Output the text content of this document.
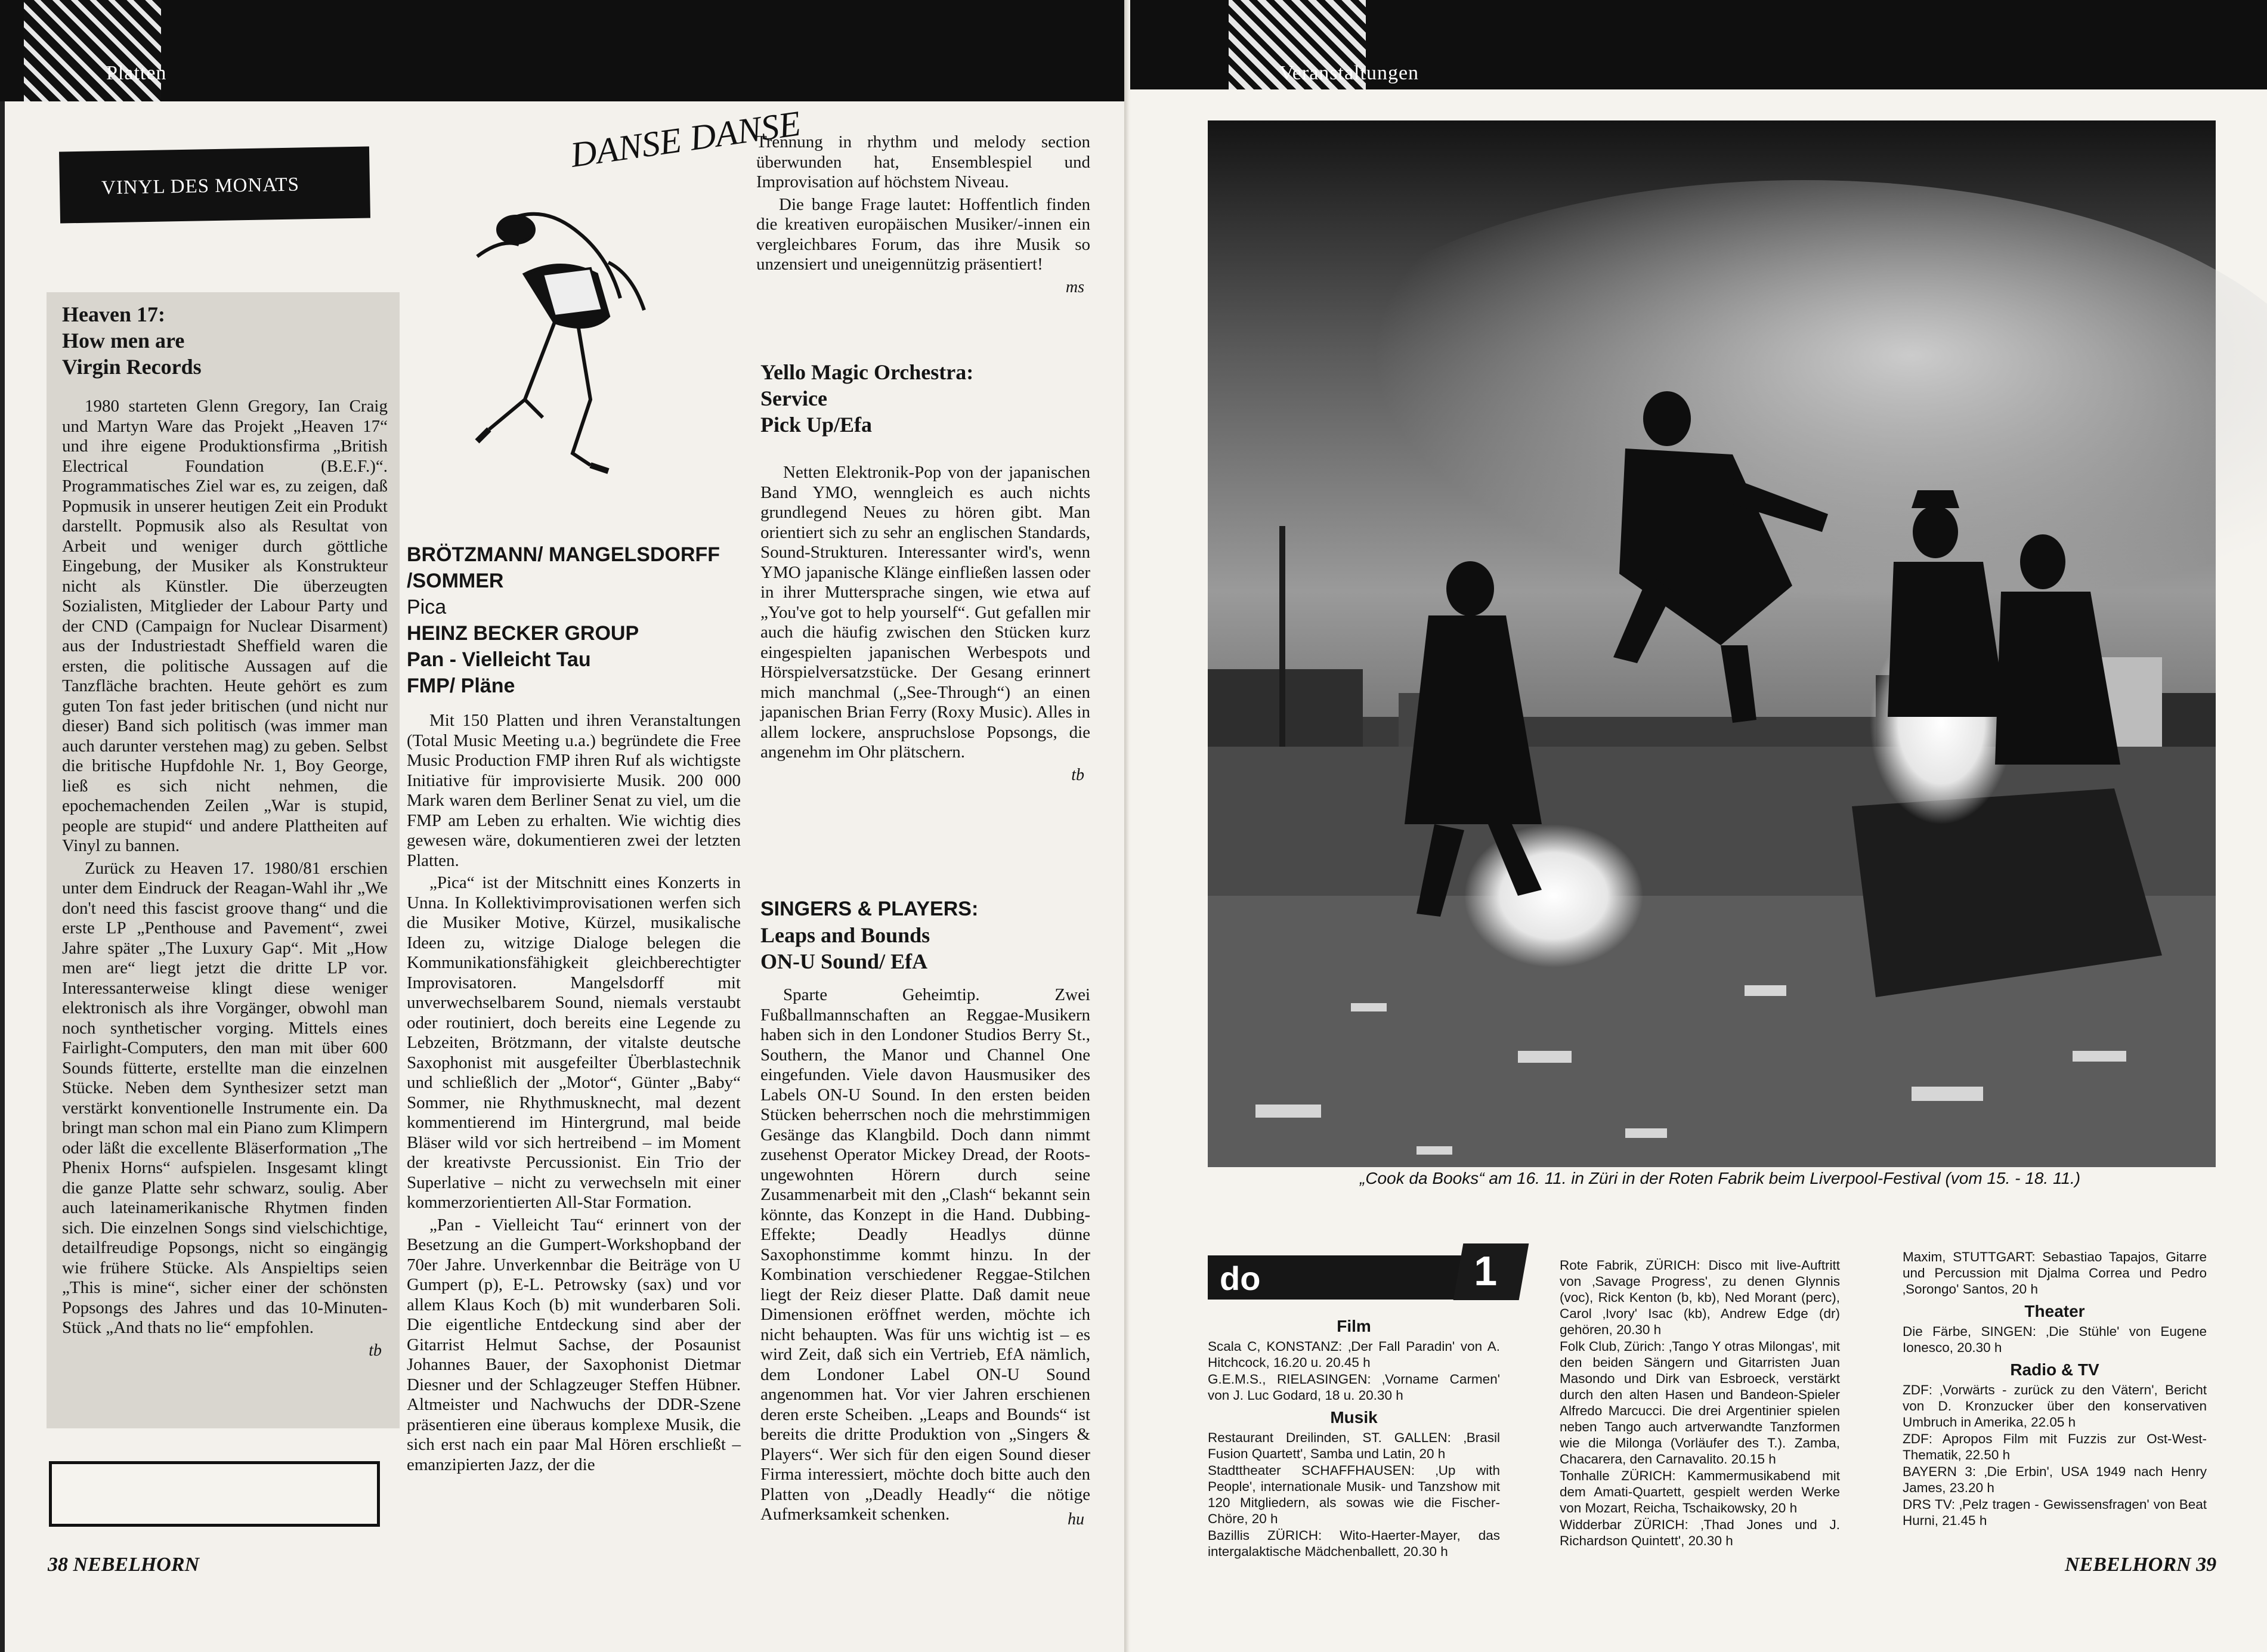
Platten
VINYL DES MONATS
Heaven 17:
How men are
Virgin Records

1980 starteten Glenn Gregory, Ian Craig und Martyn Ware das Projekt „Heaven 17“ und ihre eigene Produktionsfirma „British Electrical Foundation (B.E.F.)“. Programmatisches Ziel war es, zu zeigen, daß Popmusik in unserer heutigen Zeit ein Produkt darstellt. Popmusik also als Resultat von Arbeit und weniger durch göttliche Eingebung, der Musiker als Konstrukteur nicht als Künstler. Die überzeugten Sozialisten, Mitglieder der Labour Party und der CND (Campaign for Nuclear Disarment) aus der Industriestadt Sheffield waren die ersten, die politische Aussagen auf die Tanzfläche brachten. Heute gehört es zum guten Ton fast jeder britischen (und nicht nur dieser) Band sich politisch (was immer man auch darunter verstehen mag) zu geben. Selbst die britische Hupfdohle Nr. 1, Boy George, ließ es sich nicht nehmen, die epochemachenden Zeilen „War is stupid, people are stupid“ und andere Plattheiten auf Vinyl zu bannen.

Zurück zu Heaven 17. 1980/81 erschien unter dem Eindruck der Reagan-Wahl ihr „We don't need this fascist groove thang“ und die erste LP „Penthouse and Pavement“, zwei Jahre später „The Luxury Gap“. Mit „How men are“ liegt jetzt die dritte LP vor. Interessanterweise klingt diese weniger elektronisch als ihre Vorgänger, obwohl man noch synthetischer vorging. Mittels eines Fairlight-Computers, den man mit über 600 Sounds fütterte, erstellte man die einzelnen Stücke. Neben dem Synthesizer setzt man verstärkt konventionelle Instrumente ein. Da bringt man schon mal ein Piano zum Klimpern oder läßt die excellente Bläserformation „The Phenix Horns“ aufspielen. Insgesamt klingt die ganze Platte sehr schwarz, soulig. Aber auch lateinamerikanische Rhytmen finden sich. Die einzelnen Songs sind vielschichtige, detailfreudige Popsongs, nicht so eingängig wie frühere Stücke. Als Anspieltips seien „This is mine“, sicher einer der schönsten Popsongs des Jahres und das 10-Minuten-Stück „And thats no lie“ empfohlen.

tb
DANSE DANSE
BRÖTZMANN/ MANGELSDORFF
/SOMMER
Pica
HEINZ BECKER GROUP
Pan - Vielleicht Tau
FMP/ Pläne

Mit 150 Platten und ihren Veranstaltungen (Total Music Meeting u.a.) begründete die Free Music Production FMP ihren Ruf als wichtigste Initiative für improvisierte Musik. 200 000 Mark waren dem Berliner Senat zu viel, um die FMP am Leben zu erhalten. Wie wichtig dies gewesen wäre, dokumentieren zwei der letzten Platten.

„Pica“ ist der Mitschnitt eines Konzerts in Unna. In Kollektivimprovisationen werfen sich die Musiker Motive, Kürzel, musikalische Ideen zu, witzige Dialoge belegen die Kommunikationsfähigkeit gleichberechtigter Improvisatoren. Mangelsdorff mit unverwechselbarem Sound, niemals verstaubt oder routiniert, doch bereits eine Legende zu Lebzeiten, Brötzmann, der vitalste deutsche Saxophonist mit ausgefeilter Überblastechnik und schließlich der „Motor“, Günter „Baby“ Sommer, nie Rhythmusknecht, mal dezent kommentierend im Hintergrund, mal beide Bläser wild vor sich hertreibend – im Moment der kreativste Percussionist. Ein Trio der Superlative – nicht zu verwechseln mit einer kommerzorientierten All-Star Formation.

„Pan - Vielleicht Tau“ erinnert von der Besetzung an die Gumpert-Workshopband der 70er Jahre. Unverkennbar die Beiträge von U Gumpert (p), E-L. Petrowsky (sax) und vor allem Klaus Koch (b) mit wunderbaren Soli. Die eigentliche Entdeckung sind aber der Gitarrist Helmut Sachse, der Posaunist Johannes Bauer, der Saxophonist Dietmar Diesner und der Schlagzeuger Steffen Hübner. Altmeister und Nachwuchs der DDR-Szene präsentieren eine überaus komplexe Musik, die sich erst nach ein paar Mal Hören erschließt – emanzipierten Jazz, der die

Trennung in rhythm und melody section überwunden hat, Ensemblespiel und Improvisation auf höchstem Niveau.

Die bange Frage lautet: Hoffentlich finden die kreativen europäischen Musiker/-innen ein vergleichbares Forum, das ihre Musik so unzensiert und uneigennützig präsentiert!

ms
Yello Magic Orchestra:
Service
Pick Up/Efa

Netten Elektronik-Pop von der japanischen Band YMO, wenngleich es auch nichts grundlegend Neues zu hören gibt. Man orientiert sich zu sehr an englischen Standards, Sound-Strukturen. Interessanter wird's, wenn YMO japanische Klänge einfließen lassen oder in ihrer Muttersprache singen, wie etwa auf „You've got to help yourself“. Gut gefallen mir auch die häufig zwischen den Stücken kurz eingespielten japanischen Werbespots und Hörspielversatzstücke. Der Gesang erinnert mich manchmal („See-Through“) an einen japanischen Brian Ferry (Roxy Music). Alles in allem lockere, anspruchslose Popsongs, die angenehm im Ohr plätschern.

tb
SINGERS & PLAYERS:
Leaps and Bounds
ON-U Sound/ EfA

Sparte Geheimtip. Zwei Fußballmannschaften an Reggae-Musikern haben sich in den Londoner Studios Berry St., Southern, the Manor und Channel One eingefunden. Viele davon Hausmusiker des Labels ON-U Sound. In den ersten beiden Stücken beherrschen noch die mehrstimmigen Gesänge das Klangbild. Doch dann nimmt zusehenst Operator Mickey Dread, der Roots-ungewohnten Hörern durch seine Zusammenarbeit mit den „Clash“ bekannt sein könnte, das Konzept in die Hand. Dubbing-Effekte; Deadly Headlys dünne Saxophonstimme kommt hinzu. In der Kombination verschiedener Reggae-Stilchen liegt der Reiz dieser Platte. Daß damit neue Dimensionen eröffnet werden, möchte ich nicht behaupten. Was für uns wichtig ist – es wird Zeit, daß sich ein Vertrieb, EfA nämlich, dem Londoner Label ON-U Sound angenommen hat. Vor vier Jahren erschienen deren erste Scheiben. „Leaps and Bounds“ ist bereits die dritte Produktion von „Singers & Players“. Wer sich für den eigen Sound dieser Firma interessiert, möchte doch bitte auch den Platten von „Deadly Headly“ die nötige Aufmerksamkeit schenken.	hu
38 NEBELHORN
Veranstaltungen
„Cook da Books“ am 16. 11. in Züri in der Roten Fabrik beim Liverpool-Festival (vom 15. - 18. 11.)
do	1
Film
Scala C, KONSTANZ: ‚Der Fall Paradin' von A. Hitchcock, 16.20 u. 20.45 h
G.E.M.S., RIELASINGEN: ‚Vorname Carmen' von J. Luc Godard, 18 u. 20.30 h
Musik
Restaurant Dreilinden, ST. GALLEN: ‚Brasil Fusion Quartett', Samba und Latin, 20 h
Stadttheater SCHAFFHAUSEN: ‚Up with People', internationale Musik- und Tanzshow mit 120 Mitgliedern, als sowas wie die Fischer-Chöre, 20 h
Bazillis ZÜRICH: Wito-Haerter-Mayer, das intergalaktische Mädchenballett, 20.30 h
Rote Fabrik, ZÜRICH: Disco mit live-Auftritt von ‚Savage Progress', zu denen Glynnis (voc), Rick Kenton (b, kb), Ned Morant (perc), Carol ‚Ivory' Isac (kb), Andrew Edge (dr) gehören, 20.30 h
Folk Club, Zürich: ‚Tango Y otras Milongas', mit den beiden Sängern und Gitarristen Juan Masondo und Dirk van Esbroeck, verstärkt durch den alten Hasen und Bandeon-Spieler Alfredo Marcucci. Die drei Argentinier spielen neben Tango auch artverwandte Tanzformen wie die Milonga (Vorläufer des T.). Zamba, Chacarera, den Carnavalito. 20.15 h
Tonhalle ZÜRICH: Kammermusikabend mit dem Amati-Quartett, gespielt werden Werke von Mozart, Reicha, Tschaikowsky, 20 h
Widderbar ZÜRICH: ‚Thad Jones und J. Richardson Quintett', 20.30 h
Maxim, STUTTGART: Sebastiao Tapajos, Gitarre und Percussion mit Djalma Correa und Pedro ‚Sorongo' Santos, 20 h
Theater
Die Färbe, SINGEN: ‚Die Stühle' von Eugene Ionesco, 20.30 h
Radio & TV
ZDF: ‚Vorwärts - zurück zu den Vätern', Bericht von D. Kronzucker über den konservativen Umbruch in Amerika, 22.05 h
ZDF: Apropos Film mit Fuzzis zur Ost-West-Thematik, 22.50 h
BAYERN 3: ‚Die Erbin', USA 1949 nach Henry James, 23.20 h
DRS TV: ‚Pelz tragen - Gewissensfragen' von Beat Hurni, 21.45 h
NEBELHORN 39
